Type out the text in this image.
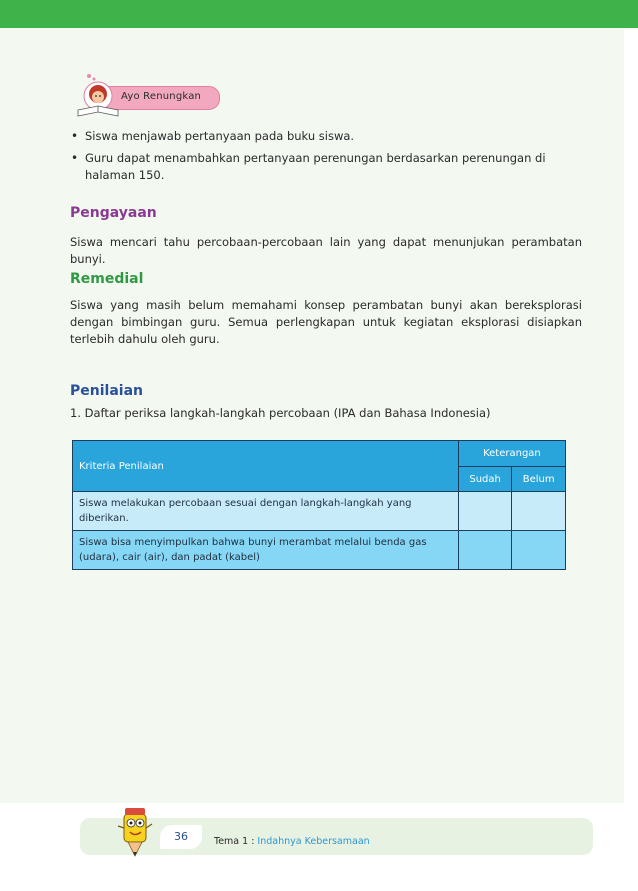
Ayo Renungkan
• Siswa menjawab pertanyaan pada buku siswa.
• Guru dapat menambahkan pertanyaan perenungan berdasarkan perenungan di halaman 150.
Pengayaan
Siswa mencari tahu percobaan-percobaan lain yang dapat menunjukan perambatan bunyi.
Remedial
Siswa yang masih belum memahami konsep perambatan bunyi akan bereksplorasi dengan bimbingan guru. Semua perlengkapan untuk kegiatan eksplorasi disiapkan terlebih dahulu oleh guru.
Penilaian
1. Daftar periksa langkah-langkah percobaan (IPA dan Bahasa Indonesia)
Kriteria Penilaian	Keterangan	
	Sudah	Belum
Siswa melakukan percobaan sesuai dengan langkah-langkah yang diberikan.		
Siswa bisa menyimpulkan bahwa bunyi merambat melalui benda gas (udara), cair (air), dan padat (kabel)		
36	Tema 1 : Indahnya Kebersamaan
